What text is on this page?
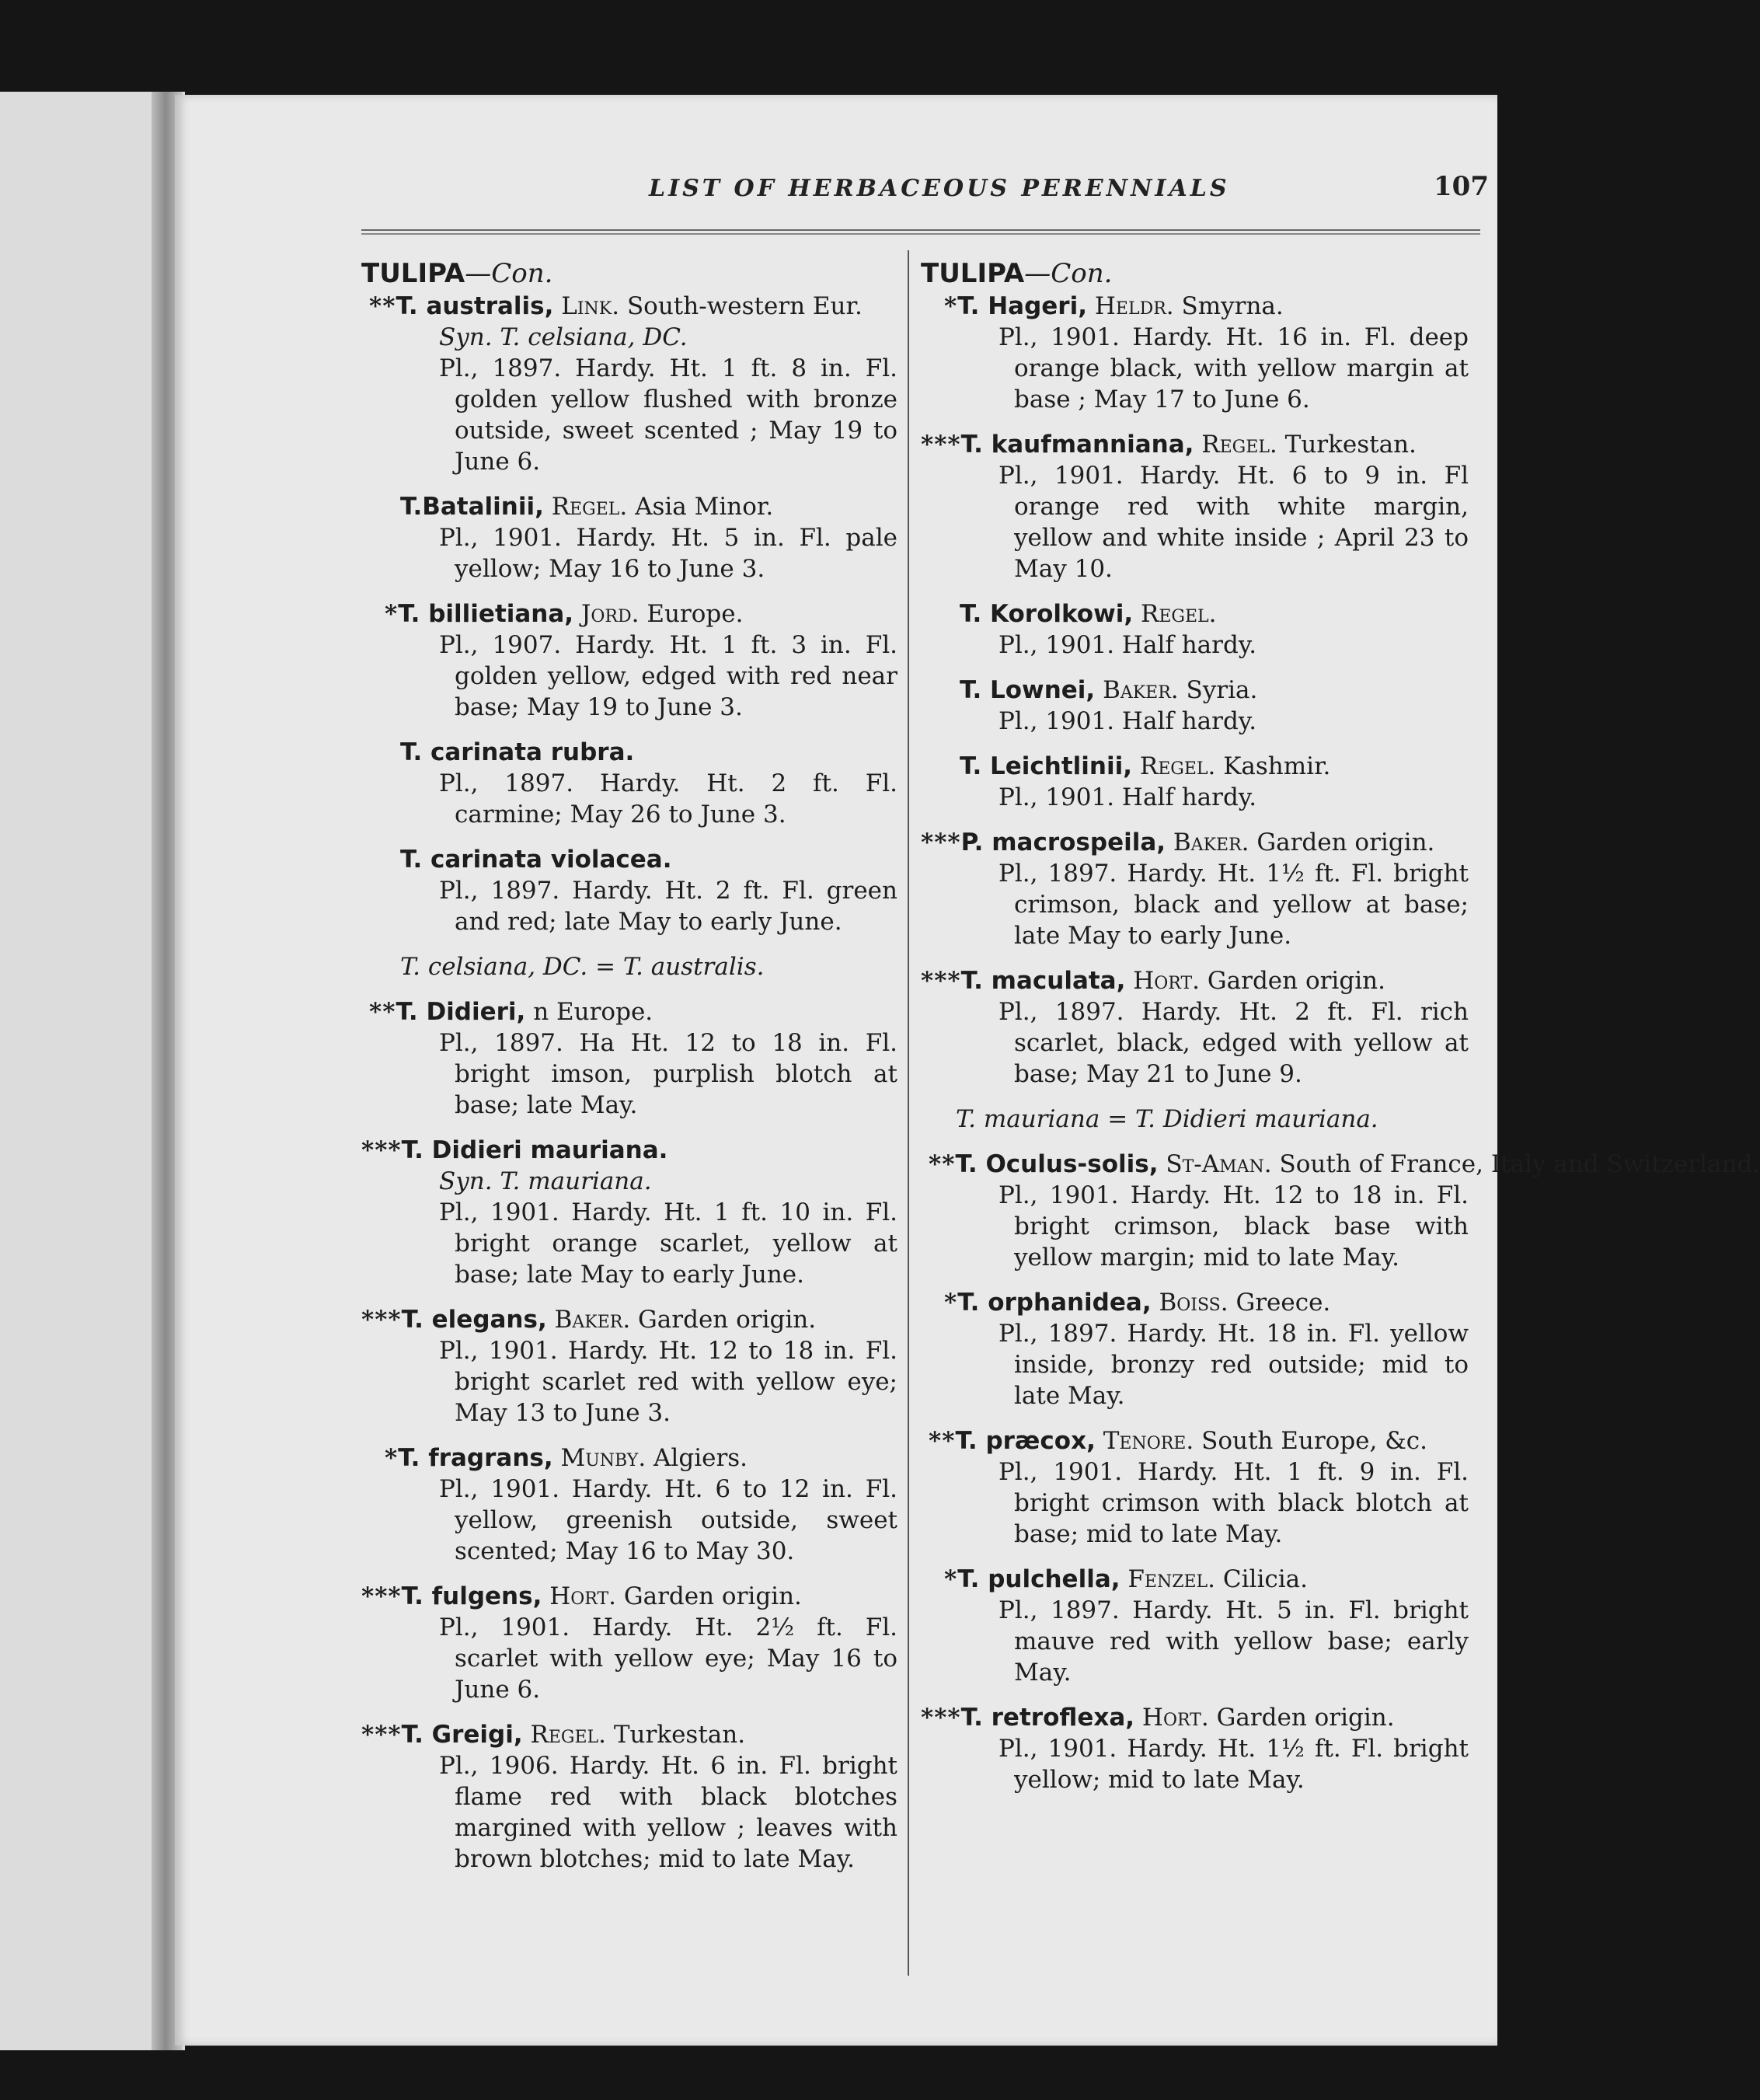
LIST OF HERBACEOUS PERENNIALS	107
TULIPA—Con.
**T. australis, Link. South-western Eur.
Syn. T. celsiana, DC.
Pl., 1897. Hardy. Ht. 1 ft. 8 in. Fl. golden yellow flushed with bronze outside, sweet scented ; May 19 to June 6.
T.Batalinii, Regel. Asia Minor.
Pl., 1901. Hardy. Ht. 5 in. Fl. pale yellow; May 16 to June 3.
*T. billietiana, Jord. Europe.
Pl., 1907. Hardy. Ht. 1 ft. 3 in. Fl. golden yellow, edged with red near base; May 19 to June 3.
T. carinata rubra.
Pl., 1897. Hardy. Ht. 2 ft. Fl. carmine; May 26 to June 3.
T. carinata violacea.
Pl., 1897. Hardy. Ht. 2 ft. Fl. green and red; late May to early June.
T. celsiana, DC. = T. australis.
**T. Didieri, n Europe.
Pl., 1897. Ha Ht. 12 to 18 in. Fl. bright imson, purplish blotch at base; late May.
***T. Didieri mauriana.
Syn. T. mauriana.
Pl., 1901. Hardy. Ht. 1 ft. 10 in. Fl. bright orange scarlet, yellow at base; late May to early June.
***T. elegans, Baker. Garden origin.
Pl., 1901. Hardy. Ht. 12 to 18 in. Fl. bright scarlet red with yellow eye; May 13 to June 3.
*T. fragrans, Munby. Algiers.
Pl., 1901. Hardy. Ht. 6 to 12 in. Fl. yellow, greenish outside, sweet scented; May 16 to May 30.
***T. fulgens, Hort. Garden origin.
Pl., 1901. Hardy. Ht. 2½ ft. Fl. scarlet with yellow eye; May 16 to June 6.
***T. Greigi, Regel. Turkestan.
Pl., 1906. Hardy. Ht. 6 in. Fl. bright flame red with black blotches margined with yellow ; leaves with brown blotches; mid to late May.
TULIPA—Con.
*T. Hageri, Heldr. Smyrna.
Pl., 1901. Hardy. Ht. 16 in. Fl. deep orange black, with yellow margin at base ; May 17 to June 6.
***T. kaufmanniana, Regel. Turkestan.
Pl., 1901. Hardy. Ht. 6 to 9 in. Fl orange red with white margin, yellow and white inside ; April 23 to May 10.
T. Korolkowi, Regel.
Pl., 1901. Half hardy.
T. Lownei, Baker. Syria.
Pl., 1901. Half hardy.
T. Leichtlinii, Regel. Kashmir.
Pl., 1901. Half hardy.
***P. macrospeila, Baker. Garden origin.
Pl., 1897. Hardy. Ht. 1½ ft. Fl. bright crimson, black and yellow at base; late May to early June.
***T. maculata, Hort. Garden origin.
Pl., 1897. Hardy. Ht. 2 ft. Fl. rich scarlet, black, edged with yellow at base; May 21 to June 9.
T. mauriana = T. Didieri mauriana.
**T. Oculus-solis, St-Aman. South of France, Italy and Switzerland.
Pl., 1901. Hardy. Ht. 12 to 18 in. Fl. bright crimson, black base with yellow margin; mid to late May.
*T. orphanidea, Boiss. Greece.
Pl., 1897. Hardy. Ht. 18 in. Fl. yellow inside, bronzy red outside; mid to late May.
**T. præcox, Tenore. South Europe, &c.
Pl., 1901. Hardy. Ht. 1 ft. 9 in. Fl. bright crimson with black blotch at base; mid to late May.
*T. pulchella, Fenzel. Cilicia.
Pl., 1897. Hardy. Ht. 5 in. Fl. bright mauve red with yellow base; early May.
***T. retroflexa, Hort. Garden origin.
Pl., 1901. Hardy. Ht. 1½ ft. Fl. bright yellow; mid to late May.
